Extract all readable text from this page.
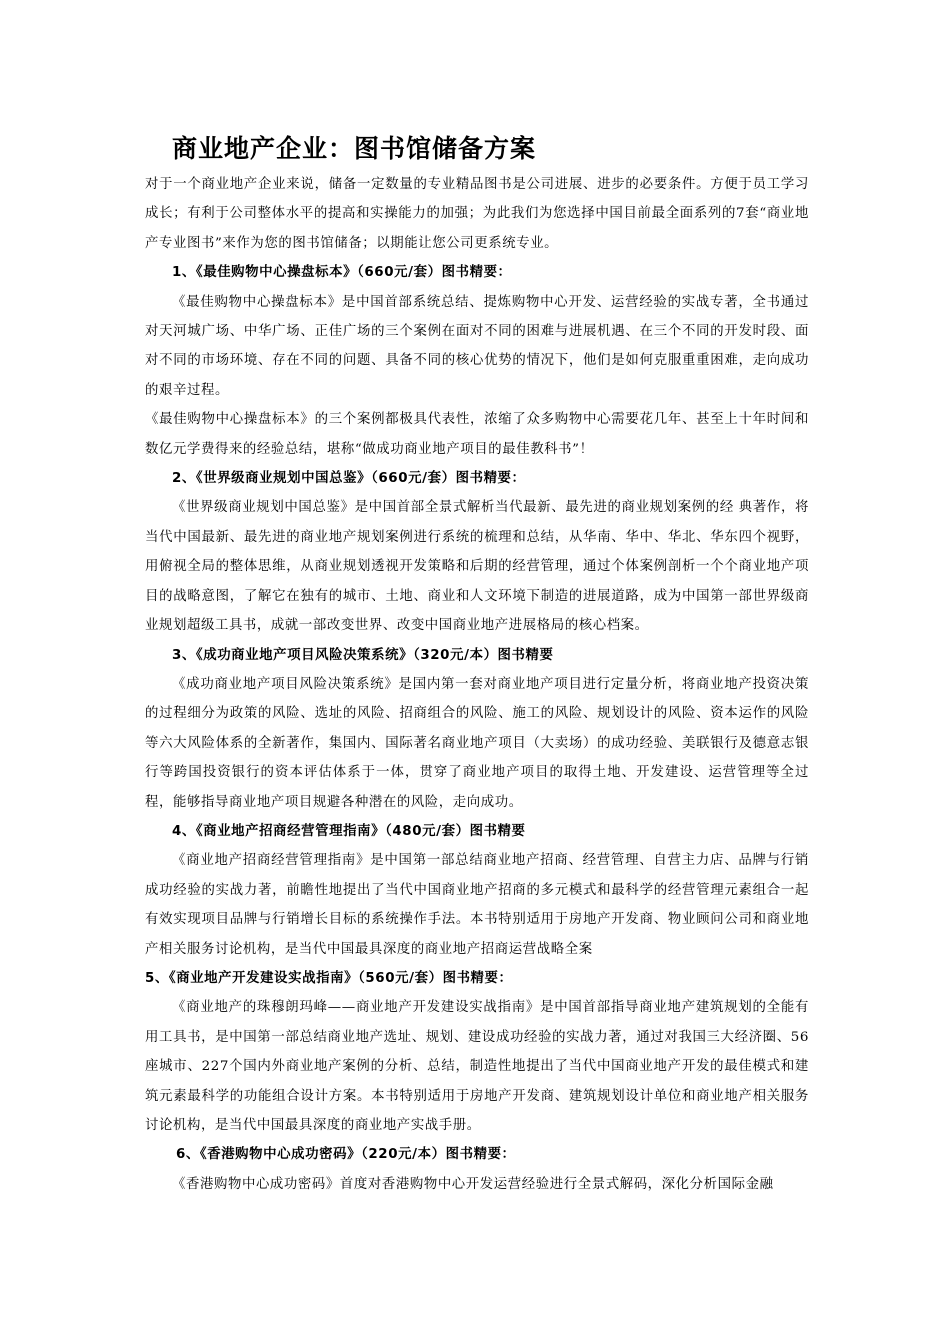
商业地产企业：图书馆储备方案

对于一个商业地产企业来说，储备一定数量的专业精品图书是公司进展、进步的必要条件。方便于员工学习成长；有利于公司整体水平的提高和实操能力的加强；为此我们为您选择中国目前最全面系列的7套“商业地产专业图书”来作为您的图书馆储备；以期能让您公司更系统专业。

1、《最佳购物中心操盘标本》（660元/套）图书精要：

《最佳购物中心操盘标本》是中国首部系统总结、提炼购物中心开发、运营经验的实战专著，全书通过对天河城广场、中华广场、正佳广场的三个案例在面对不同的困难与进展机遇、在三个不同的开发时段、面对不同的市场环境、存在不同的问题、具备不同的核心优势的情况下，他们是如何克服重重困难，走向成功的艰辛过程。

《最佳购物中心操盘标本》的三个案例都极具代表性，浓缩了众多购物中心需要花几年、甚至上十年时间和数亿元学费得来的经验总结，堪称“做成功商业地产项目的最佳教科书”！

2、《世界级商业规划中国总鉴》（660元/套）图书精要：

《世界级商业规划中国总鉴》是中国首部全景式解析当代最新、最先进的商业规划案例的经 典著作，将当代中国最新、最先进的商业地产规划案例进行系统的梳理和总结，从华南、华中、华北、华东四个视野，用俯视全局的整体思维，从商业规划透视开发策略和后期的经营管理，通过个体案例剖析一个个商业地产项目的战略意图，了解它在独有的城市、土地、商业和人文环境下制造的进展道路，成为中国第一部世界级商业规划超级工具书，成就一部改变世界、改变中国商业地产进展格局的核心档案。

3、《成功商业地产项目风险决策系统》（320元/本）图书精要

《成功商业地产项目风险决策系统》是国内第一套对商业地产项目进行定量分析，将商业地产投资决策的过程细分为政策的风险、选址的风险、招商组合的风险、施工的风险、规划设计的风险、资本运作的风险等六大风险体系的全新著作，集国内、国际著名商业地产项目（大卖场）的成功经验、美联银行及德意志银行等跨国投资银行的资本评估体系于一体，贯穿了商业地产项目的取得土地、开发建设、运营管理等全过程，能够指导商业地产项目规避各种潜在的风险，走向成功。

4、《商业地产招商经营管理指南》（480元/套）图书精要

《商业地产招商经营管理指南》是中国第一部总结商业地产招商、经营管理、自营主力店、品牌与行销成功经验的实战力著，前瞻性地提出了当代中国商业地产招商的多元模式和最科学的经营管理元素组合一起有效实现项目品牌与行销增长目标的系统操作手法。本书特别适用于房地产开发商、物业顾问公司和商业地产相关服务讨论机构，是当代中国最具深度的商业地产招商运营战略全案

5、《商业地产开发建设实战指南》（560元/套）图书精要：

《商业地产的珠穆朗玛峰——商业地产开发建设实战指南》是中国首部指导商业地产建筑规划的全能有用工具书，是中国第一部总结商业地产选址、规划、建设成功经验的实战力著，通过对我国三大经济圈、56座城市、227个国内外商业地产案例的分析、总结，制造性地提出了当代中国商业地产开发的最佳模式和建筑元素最科学的功能组合设计方案。本书特别适用于房地产开发商、建筑规划设计单位和商业地产相关服务讨论机构，是当代中国最具深度的商业地产实战手册。

6、《香港购物中心成功密码》（220元/本）图书精要：

《香港购物中心成功密码》首度对香港购物中心开发运营经验进行全景式解码，深化分析国际金融
